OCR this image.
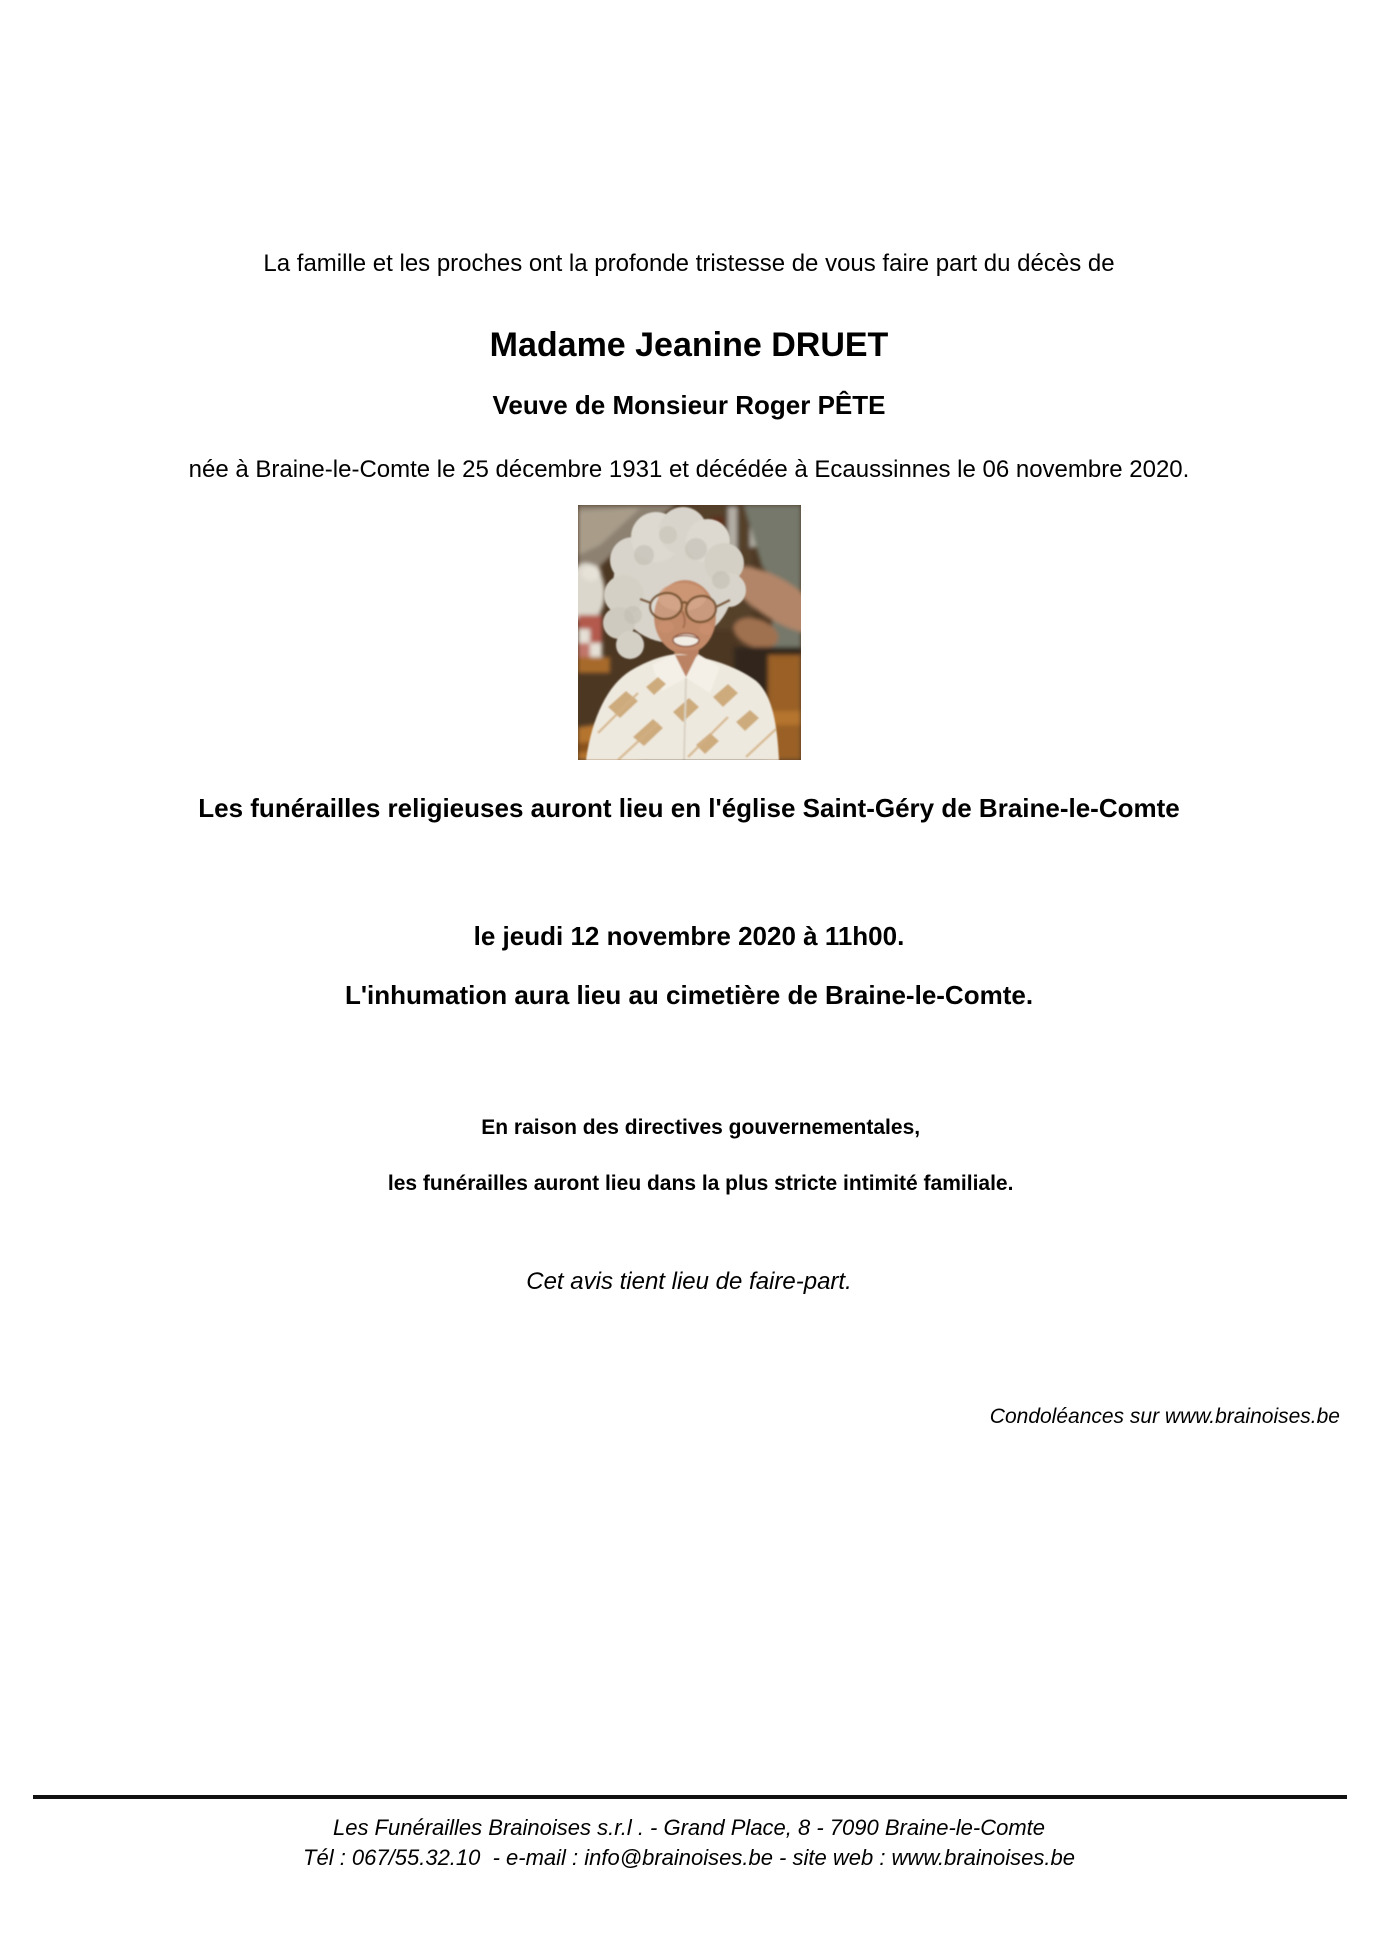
La famille et les proches ont la profonde tristesse de vous faire part du décès de

Madame Jeanine DRUET
Veuve de Monsieur Roger PÊTE

née à Braine-le-Comte le 25 décembre 1931 et décédée à Ecaussinnes le 06 novembre 2020.

Les funérailles religieuses auront lieu en l'église Saint-Géry de Braine-le-Comte

le jeudi 12 novembre 2020 à 11h00.

L'inhumation aura lieu au cimetière de Braine-le-Comte.

En raison des directives gouvernementales,

les funérailles auront lieu dans la plus stricte intimité familiale.

Cet avis tient lieu de faire-part.

Condoléances sur www.brainoises.be

Les Funérailles Brainoises s.r.l . - Grand Place, 8 - 7090 Braine-le-Comte

Tél : 067/55.32.10  - e-mail : info@brainoises.be - site web : www.brainoises.be
